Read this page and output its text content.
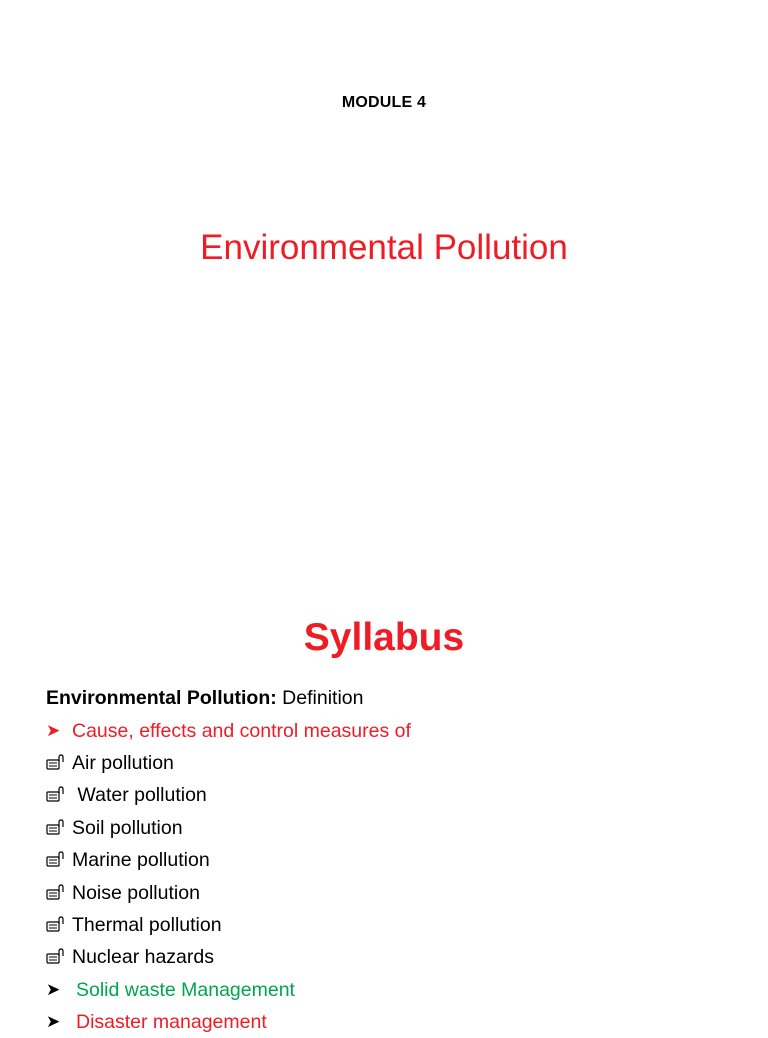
MODULE 4
Environmental Pollution
Syllabus
Environmental Pollution: Definition
➤ Cause, effects and control measures of
Air pollution
Water pollution
Soil pollution
Marine pollution
Noise pollution
Thermal pollution
Nuclear hazards
➤ Solid waste Management
➤ Disaster management
